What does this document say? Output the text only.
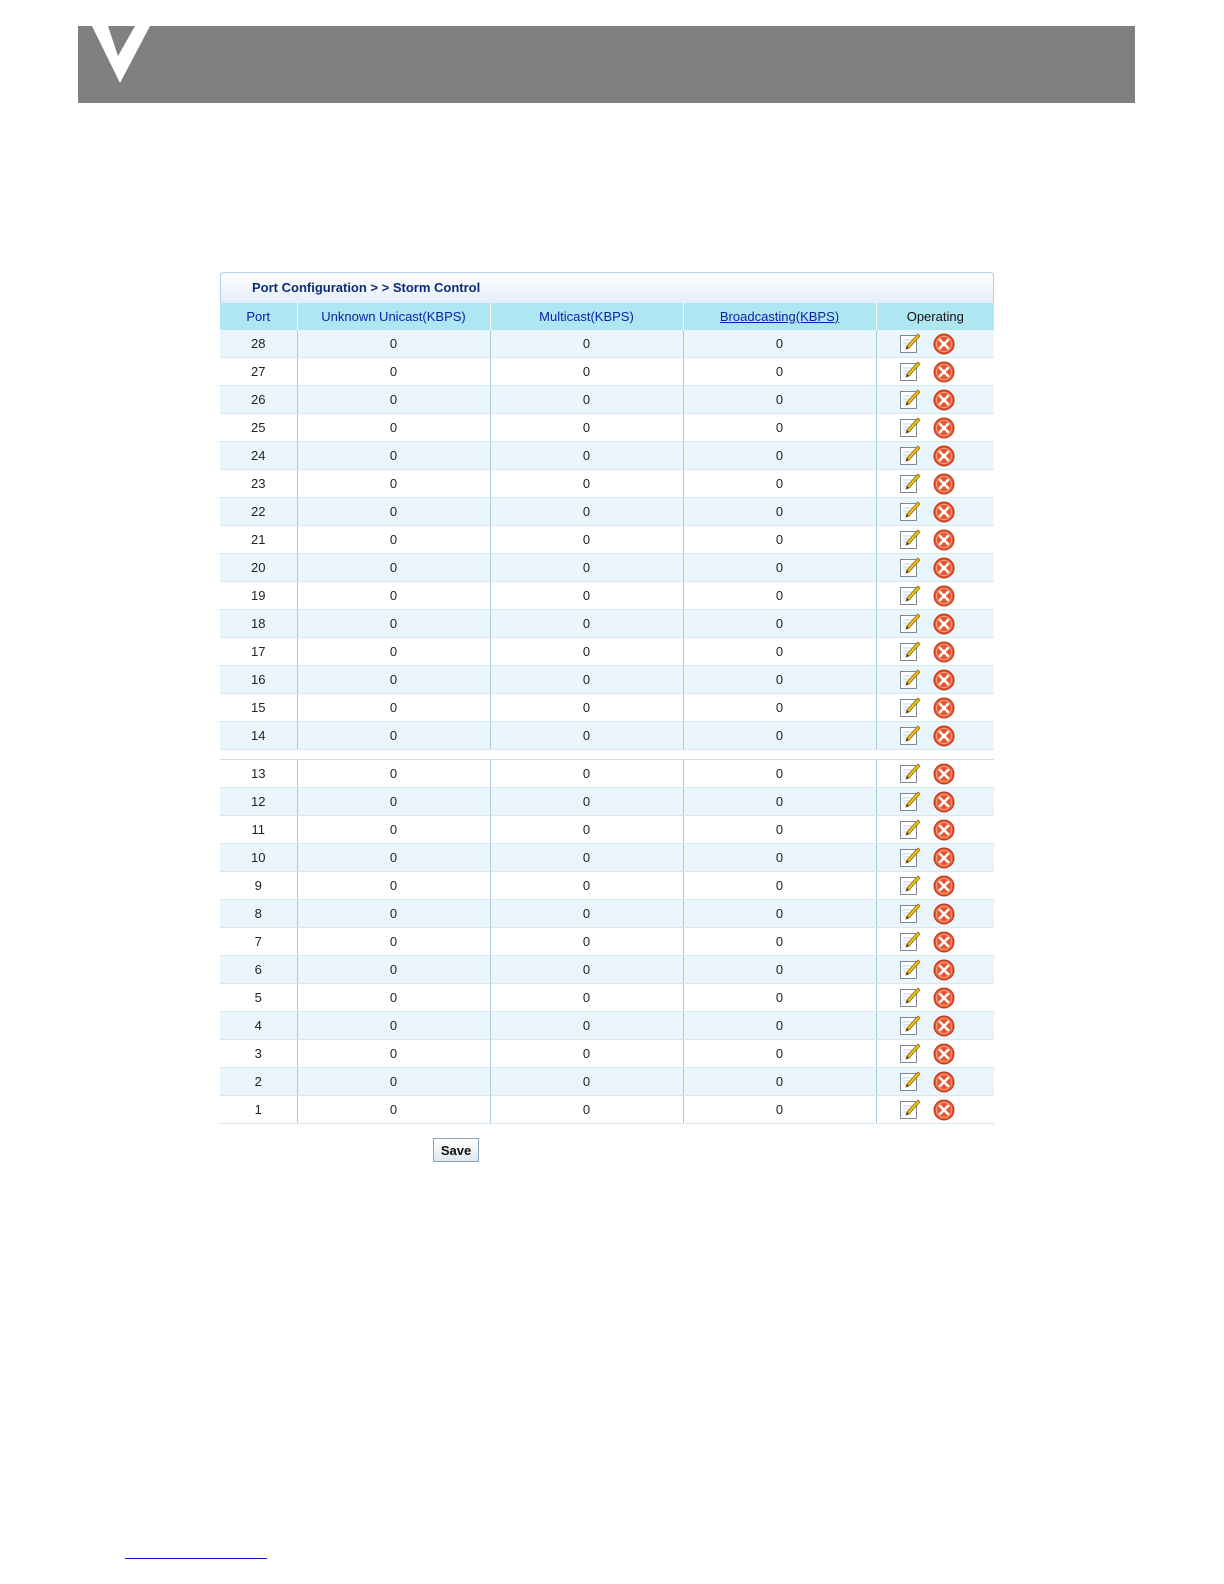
Port Configuration > > Storm Control
Port	Unknown Unicast(KBPS)	Multicast(KBPS)	Broadcasting(KBPS)	Operating
28	0	0	0	

27	0	0	0	

26	0	0	0	

25	0	0	0	

24	0	0	0	

23	0	0	0	

22	0	0	0	

21	0	0	0	

20	0	0	0	

19	0	0	0	

18	0	0	0	

17	0	0	0	

16	0	0	0	

15	0	0	0	

14	0	0	0	

13	0	0	0	

12	0	0	0	

11	0	0	0	

10	0	0	0	

9	0	0	0	

8	0	0	0	

7	0	0	0	

6	0	0	0	

5	0	0	0	

4	0	0	0	

3	0	0	0	

2	0	0	0	

1	0	0	0	
Save
